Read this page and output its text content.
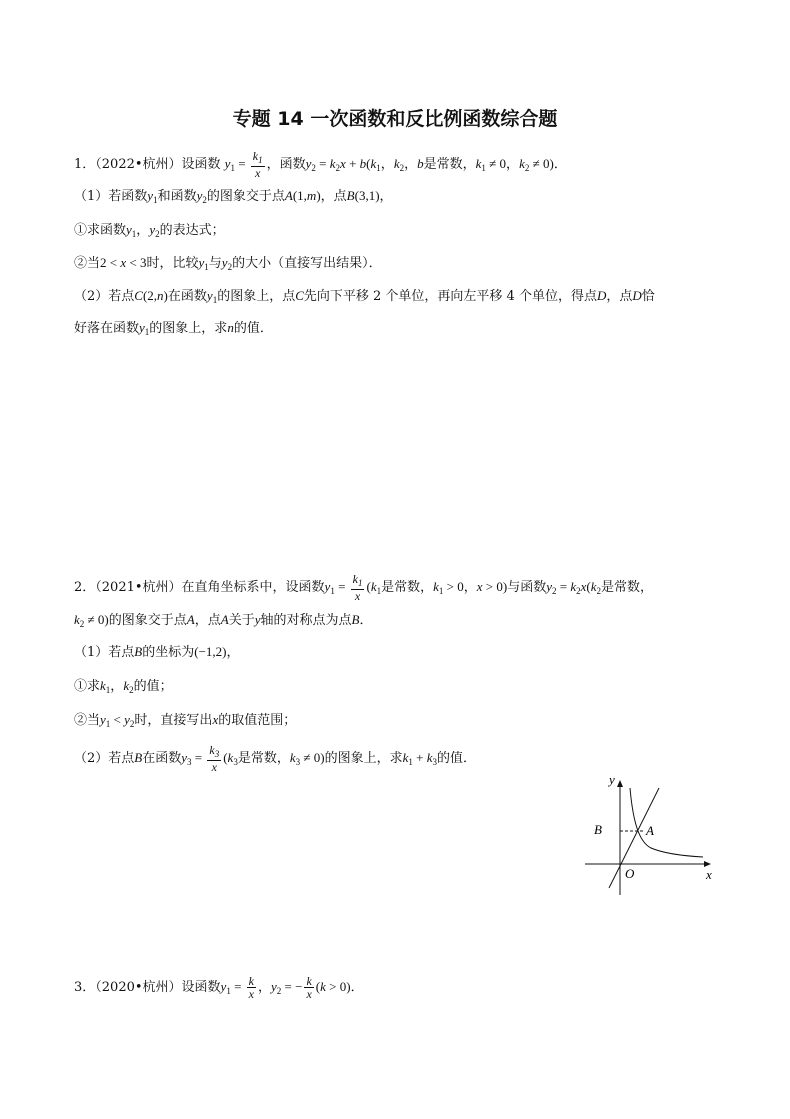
专题 14 一次函数和反比例函数综合题
1．（2022•杭州）设函数 $y_1 = \frac{k_1}{x}$ ，函数$y_2 = k_2x + b(k_1$，$k_2$，b是常数，$k_1 \ne 0$，$k_2 \ne 0$)．
（1）若函数$y_1$和函数$y_2$的图象交于点A(1,m)，点B(3,1)，
①求函数$y_1$，$y_2$的表达式；
②当2 < x < 3时，比较$y_1$与$y_2$的大小（直接写出结果）．
（2）若点C(2,n)在函数$y_1$的图象上，点C先向下平移 2 个单位，再向左平移 4 个单位，得点D，点D恰
好落在函数$y_1$的图象上，求n的值．
2．（2021•杭州）在直角坐标系中，设函数$y_1 = \frac{k_1}{x} (k_1$是常数，$k_1 > 0$，x > 0)与函数$y_2 = k_2x(k_2$是常数，
$k_2 \ne 0$)的图象交于点A，点A关于y轴的对称点为点B．
（1）若点B的坐标为(−1,2)，
①求$k_1$，$k_2$的值；
②当$y_1 < y_2$时，直接写出x的取值范围；
（2）若点B在函数$y_3 = \frac{k_3}{x} (k_3$是常数，$k_3 \ne 0$)的图象上，求$k_1 + k_3$的值．
y
x
O
A
B
3．（2020•杭州）设函数$y_1 = \frac{k}{x}$ ，$y_2$ = − $\frac{k}{x} (k > 0)$．
